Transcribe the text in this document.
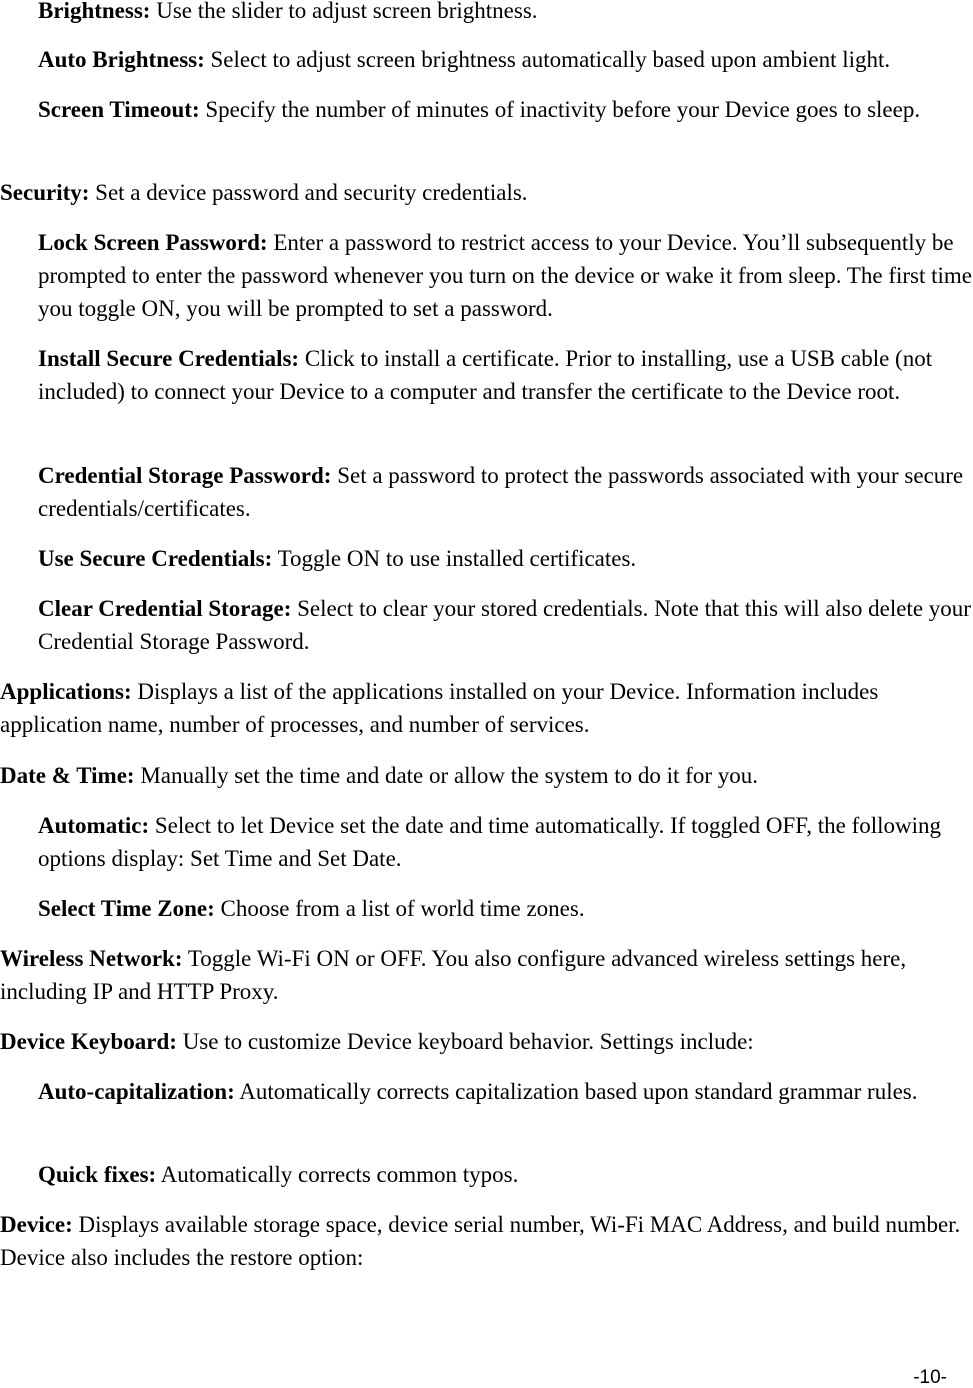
Brightness: Use the slider to adjust screen brightness.

Auto Brightness: Select to adjust screen brightness automatically based upon ambient light.

Screen Timeout: Specify the number of minutes of inactivity before your Device goes to sleep.

Security: Set a device password and security credentials.

Lock Screen Password: Enter a password to restrict access to your Device. You’ll subsequently be prompted to enter the password whenever you turn on the device or wake it from sleep. The first time you toggle ON, you will be prompted to set a password.

Install Secure Credentials: Click to install a certificate. Prior to installing, use a USB cable (not included) to connect your Device to a computer and transfer the certificate to the Device root.

Credential Storage Password: Set a password to protect the passwords associated with your secure credentials/certificates.

Use Secure Credentials: Toggle ON to use installed certificates.

Clear Credential Storage: Select to clear your stored credentials. Note that this will also delete your Credential Storage Password.

Applications: Displays a list of the applications installed on your Device. Information includes application name, number of processes, and number of services.

Date & Time: Manually set the time and date or allow the system to do it for you.

Automatic: Select to let Device set the date and time automatically. If toggled OFF, the following options display: Set Time and Set Date.

Select Time Zone: Choose from a list of world time zones.

Wireless Network: Toggle Wi-Fi ON or OFF. You also configure advanced wireless settings here, including IP and HTTP Proxy.

Device Keyboard: Use to customize Device keyboard behavior. Settings include:

Auto-capitalization: Automatically corrects capitalization based upon standard grammar rules.

Quick fixes: Automatically corrects common typos.

Device: Displays available storage space, device serial number, Wi-Fi MAC Address, and build number. Device also includes the restore option:

-10-
